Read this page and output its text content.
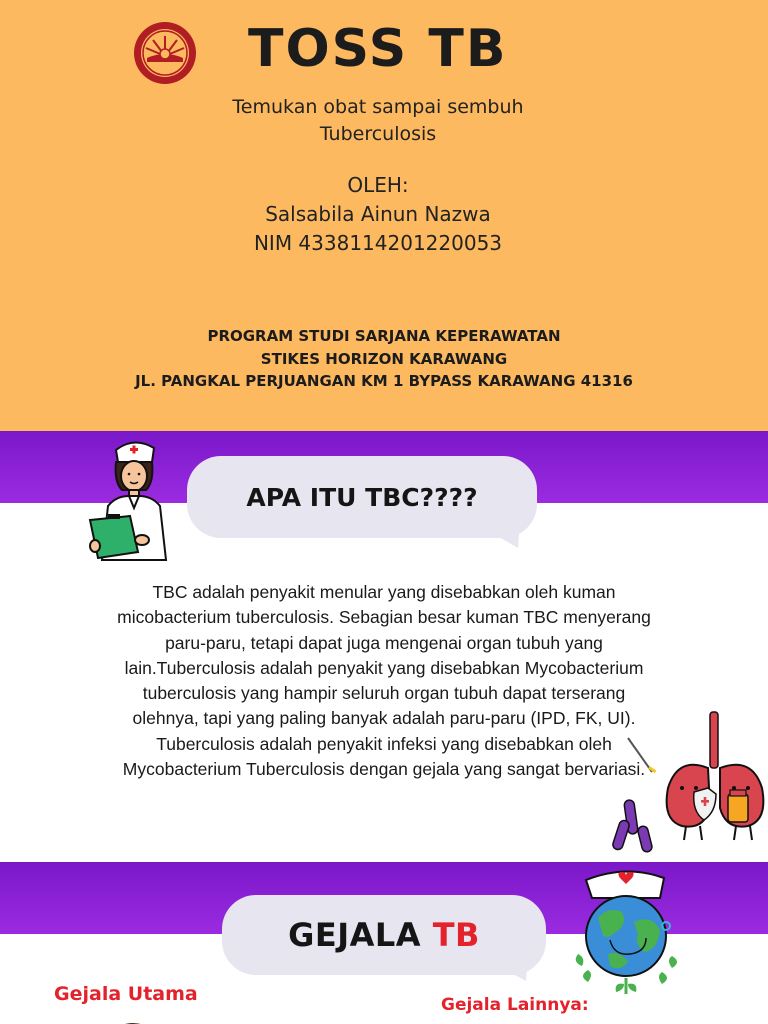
TOSS TB
Temukan obat sampai sembuh
Tuberculosis
OLEH:
Salsabila Ainun Nazwa
NIM 4338114201220053
PROGRAM STUDI SARJANA KEPERAWATAN
STIKES HORIZON KARAWANG
JL. PANGKAL PERJUANGAN KM 1 BYPASS KARAWANG 41316
APA ITU TBC????
TBC adalah penyakit menular yang disebabkan oleh kuman
micobacterium tuberculosis. Sebagian besar kuman TBC menyerang
paru-paru, tetapi dapat juga mengenai organ tubuh yang
lain.Tuberculosis adalah penyakit yang disebabkan Mycobacterium
tuberculosis yang hampir seluruh organ tubuh dapat terserang
olehnya, tapi yang paling banyak adalah paru-paru (IPD, FK, UI).
Tuberculosis adalah penyakit infeksi yang disebabkan oleh
Mycobacterium Tuberculosis dengan gejala yang sangat bervariasi.
GEJALA TB
Gejala Utama	Gejala Lainnya:
